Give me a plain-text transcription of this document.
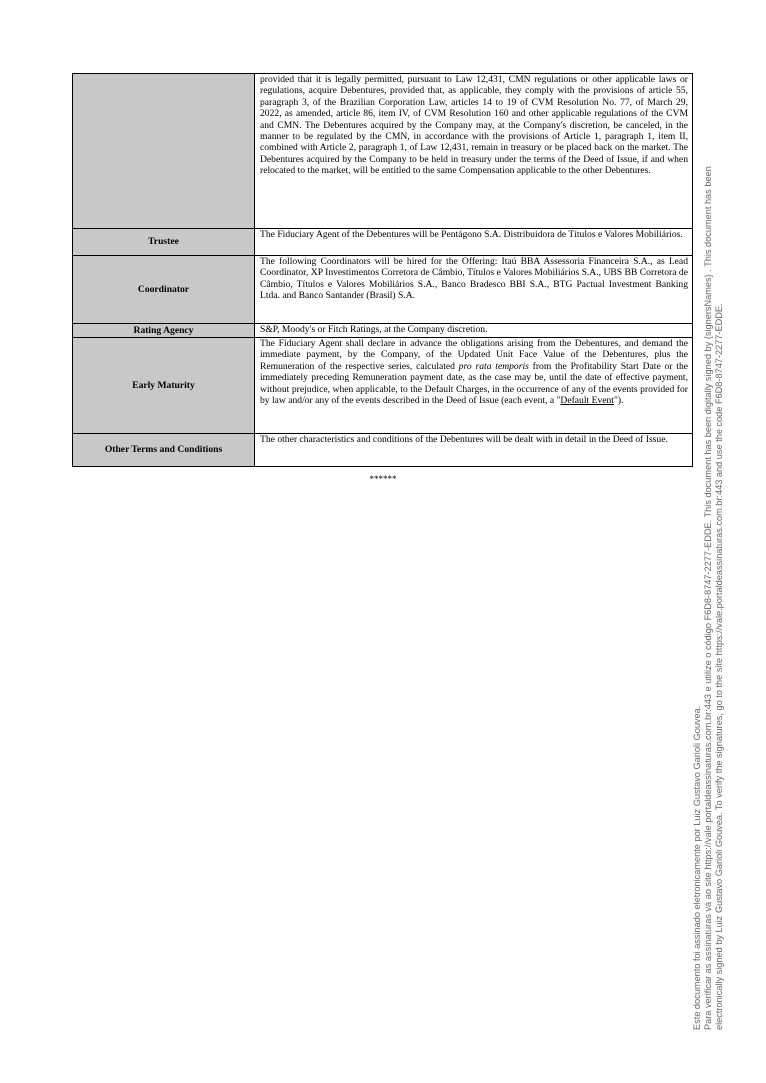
	provided that it is legally permitted, pursuant to Law 12,431, CMN regulations or other applicable laws or regulations, acquire Debentures, provided that, as applicable, they comply with the provisions of article 55, paragraph 3, of the Brazilian Corporation Law, articles 14 to 19 of CVM Resolution No. 77, of March 29, 2022, as amended, article 86, item IV, of CVM Resolution 160 and other applicable regulations of the CVM and CMN. The Debentures acquired by the Company may, at the Company's discretion, be canceled, in the manner to be regulated by the CMN, in accordance with the provisions of Article 1, paragraph 1, item II, combined with Article 2, paragraph 1, of Law 12,431, remain in treasury or be placed back on the market. The Debentures acquired by the Company to be held in treasury under the terms of the Deed of Issue, if and when relocated to the market, will be entitled to the same Compensation applicable to the other Debentures.
Trustee	The Fiduciary Agent of the Debentures will be Pentágono S.A. Distribuidora de Títulos e Valores Mobiliários.
Coordinator	The following Coordinators will be hired for the Offering: Itaú BBA Assessoria Financeira S.A., as Lead Coordinator, XP Investimentos Corretora de Câmbio, Títulos e Valores Mobiliários S.A., UBS BB Corretora de Câmbio, Títulos e Valores Mobiliários S.A., Banco Bradesco BBI S.A., BTG Pactual Investment Banking Ltda. and Banco Santander (Brasil) S.A.
Rating Agency	S&P, Moody's or Fitch Ratings, at the Company discretion.
Early Maturity	The Fiduciary Agent shall declare in advance the obligations arising from the Debentures, and demand the immediate payment, by the Company, of the Updated Unit Face Value of the Debentures, plus the Remuneration of the respective series, calculated pro rata temporis from the Profitability Start Date or the immediately preceding Remuneration payment date, as the case may be, until the date of effective payment, without prejudice, when applicable, to the Default Charges, in the occurrence of any of the events provided for by law and/or any of the events described in the Deed of Issue (each event, a "Default Event").
Other Terms and Conditions	The other characteristics and conditions of the Debentures will be dealt with in detail in the Deed of Issue.
******
Este documento foi assinado eletronicamente por Luiz Gustavo Garioli Gouvea. Para verificar as assinaturas vá ao site https://vale.portaldeassinaturas.com.br:443 e utilize o código F6D8-8747-2277-EDDE. This document has been digitally signed by {signersNames} . This document has been electronically signed by Luiz Gustavo Garioli Gouvea. To verify the signatures, go to the site https://vale.portaldeassinaturas.com.br:443 and use the code F6D8-8747-2277-EDDE.
